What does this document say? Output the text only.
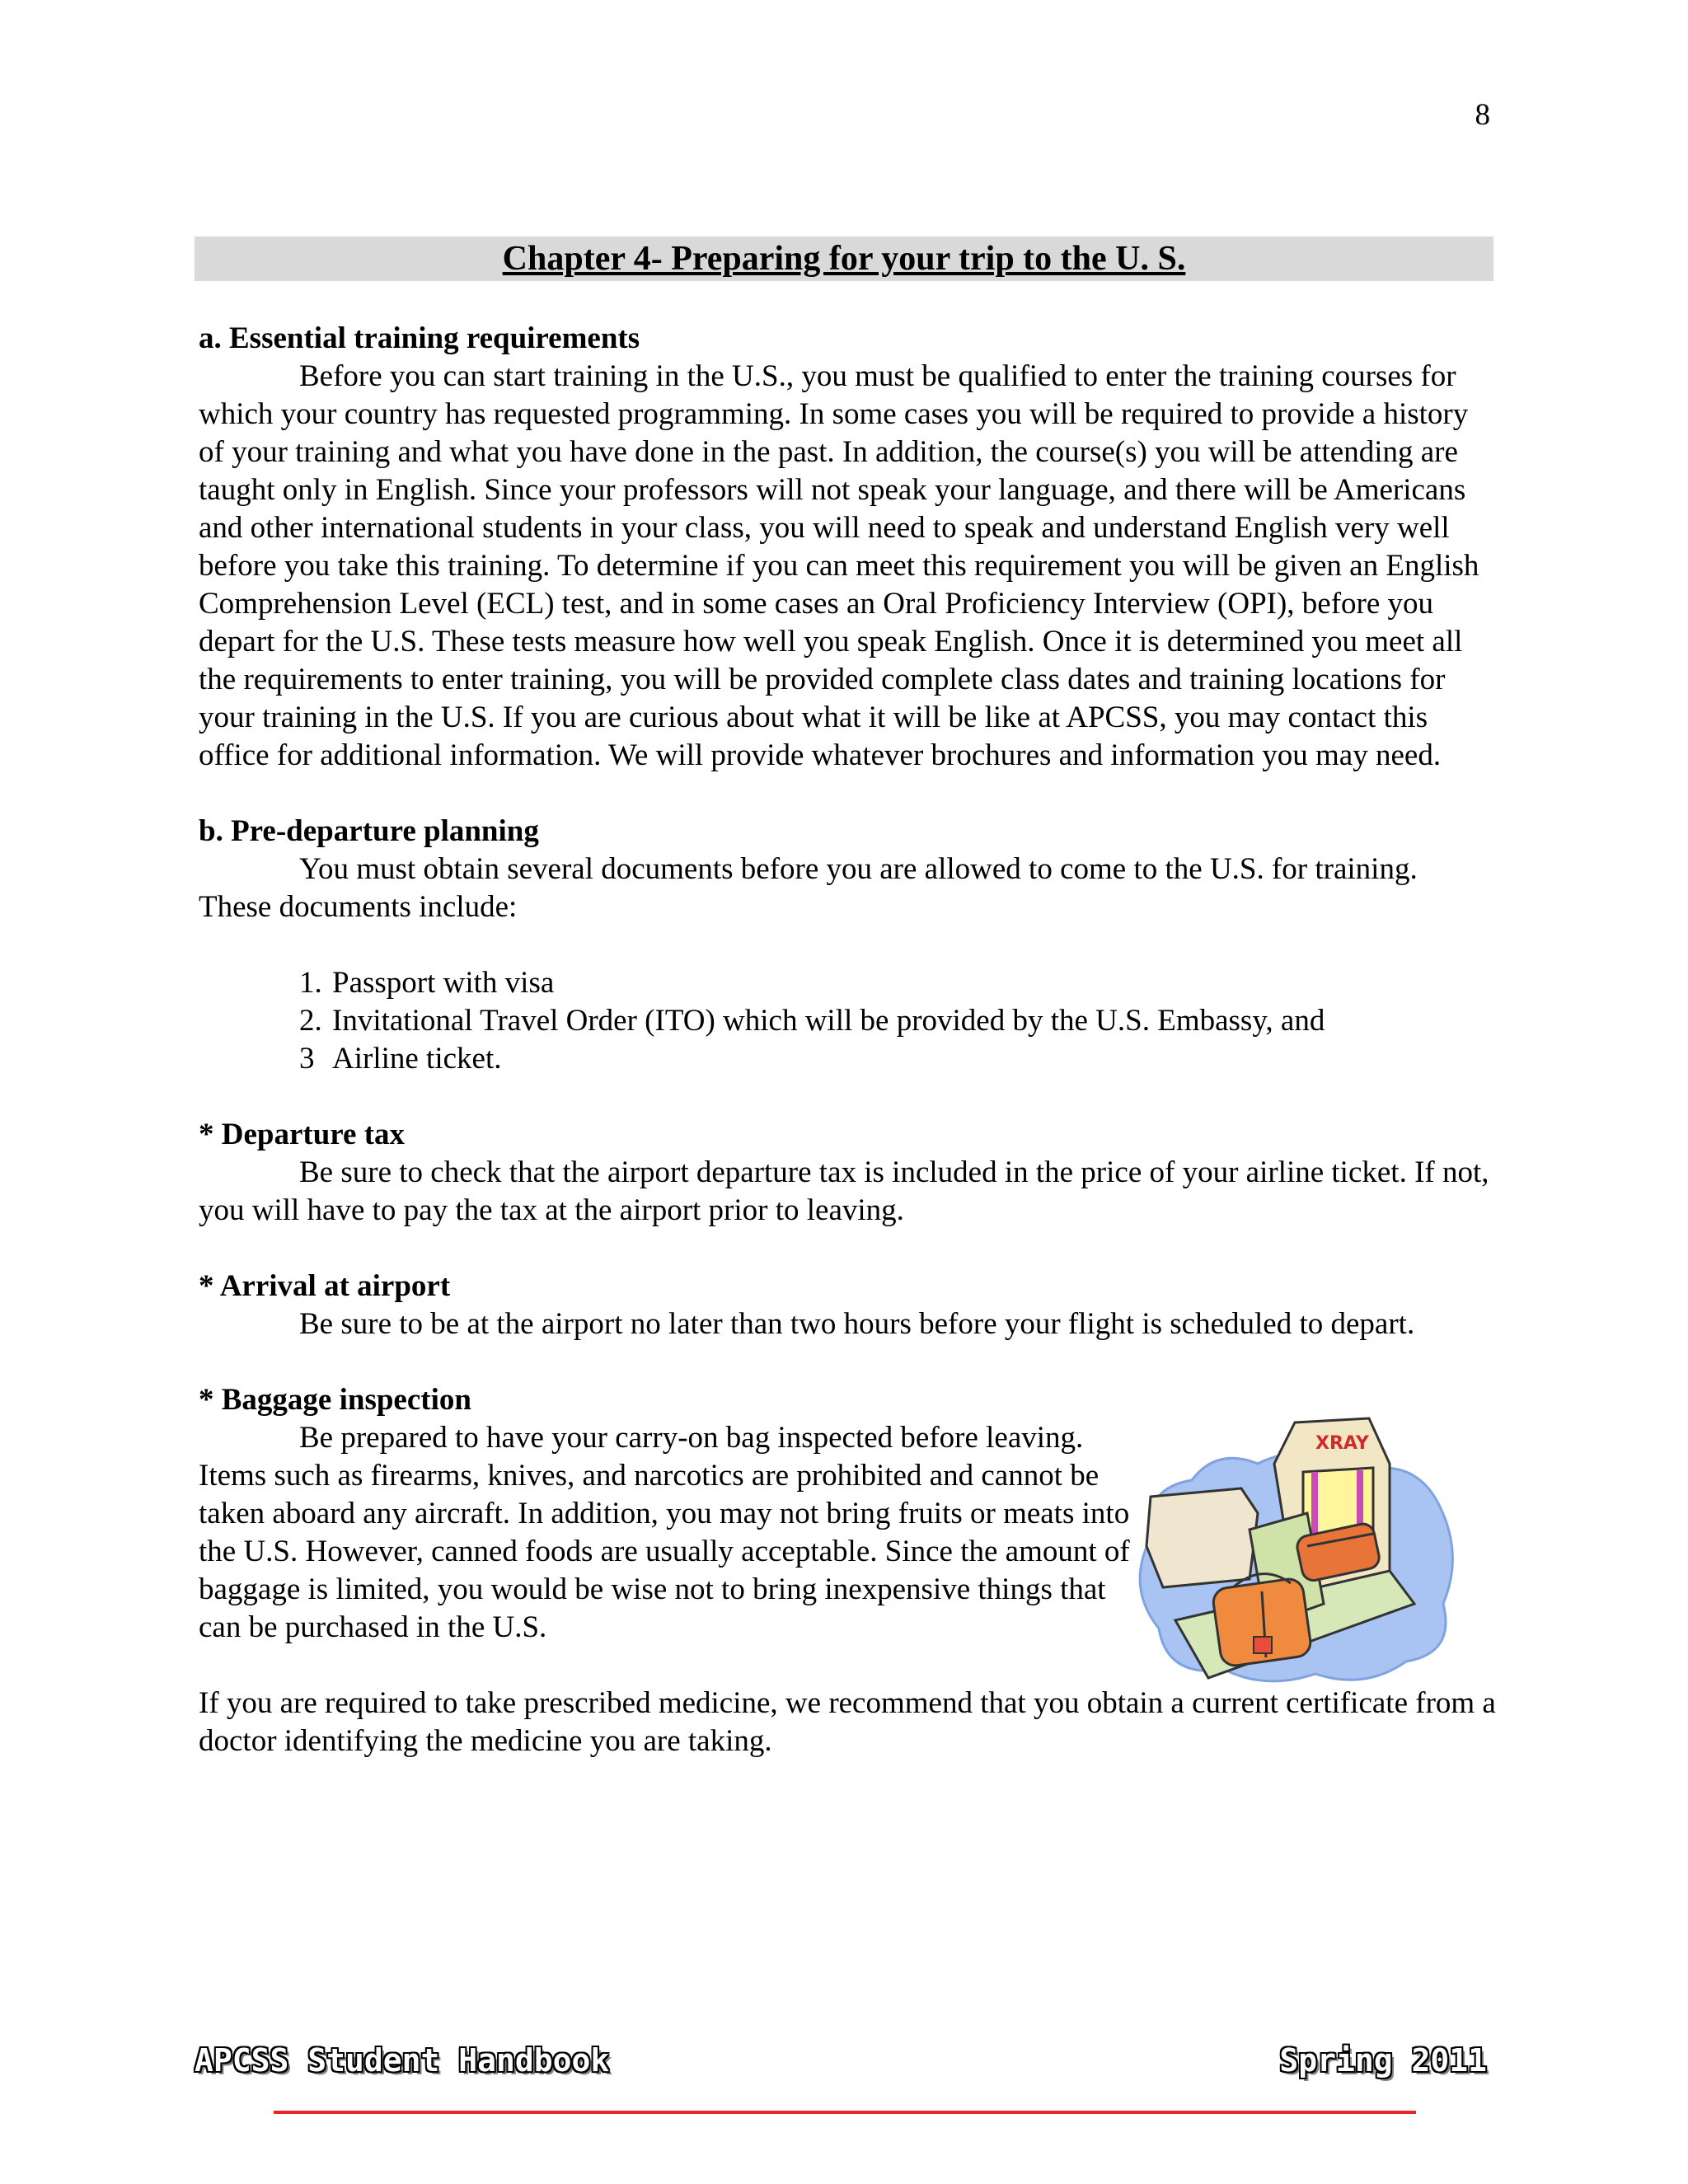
8
Chapter 4- Preparing for your trip to the U. S.
a. Essential training requirements

Before you can start training in the U.S., you must be qualified to enter the training courses for which your country has requested programming. In some cases you will be required to provide a history of your training and what you have done in the past. In addition, the course(s) you will be attending are taught only in English. Since your professors will not speak your language, and there will be Americans and other international students in your class, you will need to speak and understand English very well before you take this training. To determine if you can meet this requirement you will be given an English Comprehension Level (ECL) test, and in some cases an Oral Proficiency Interview (OPI), before you depart for the U.S. These tests measure how well you speak English. Once it is determined you meet all the requirements to enter training, you will be provided complete class dates and training locations for your training in the U.S. If you are curious about what it will be like at APCSS, you may contact this office for additional information. We will provide whatever brochures and information you may need.

b. Pre-departure planning

You must obtain several documents before you are allowed to come to the U.S. for training. These documents include:

1. Passport with visa
2. Invitational Travel Order (ITO) which will be provided by the U.S. Embassy, and
3 Airline ticket.
* Departure tax

Be sure to check that the airport departure tax is included in the price of your airline ticket. If not, you will have to pay the tax at the airport prior to leaving.

* Arrival at airport

Be sure to be at the airport no later than two hours before your flight is scheduled to depart.

* Baggage inspection

Be prepared to have your carry-on bag inspected before leaving. Items such as firearms, knives, and narcotics are prohibited and cannot be taken aboard any aircraft. In addition, you may not bring fruits or meats into the U.S. However, canned foods are usually acceptable. Since the amount of baggage is limited, you would be wise not to bring inexpensive things that can be purchased in the U.S.

If you are required to take prescribed medicine, we recommend that you obtain a current certificate from a doctor identifying the medicine you are taking.

XRAY
APCSS Student Handbook	Spring 2011
